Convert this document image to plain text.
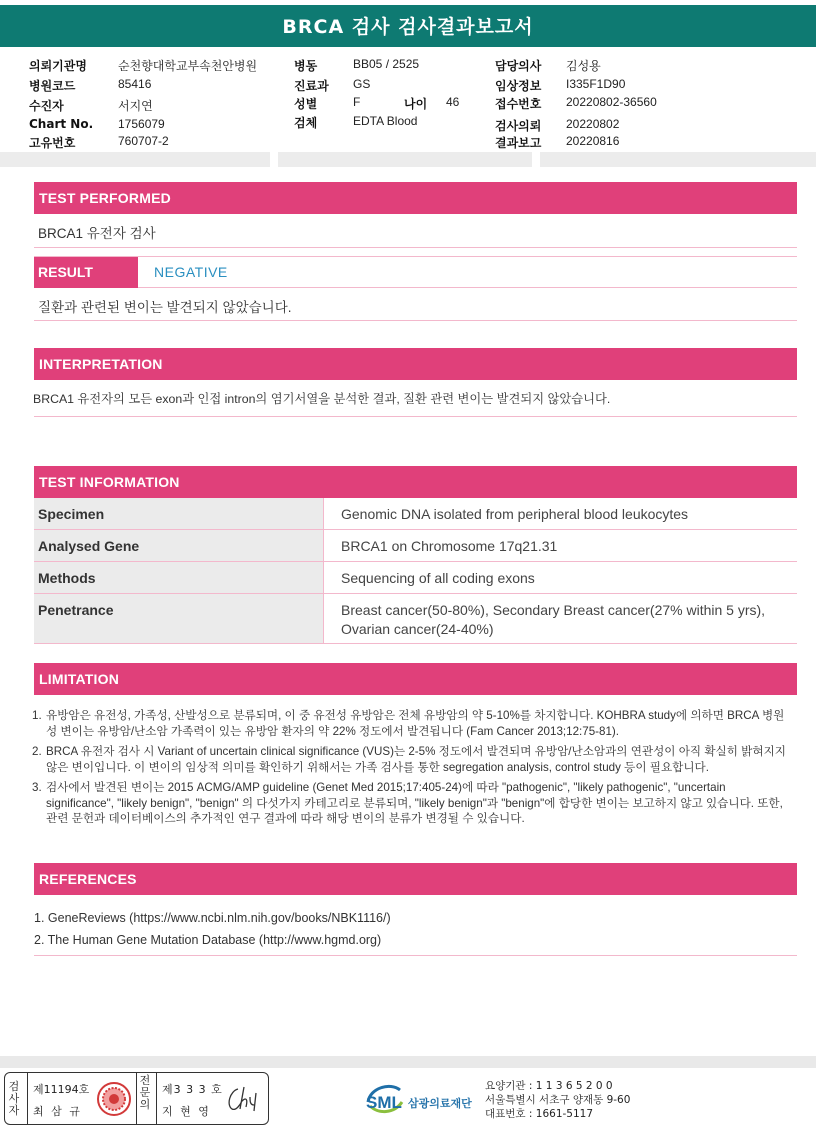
BRCA 검사 검사결과보고서
의뢰기관명	순천향대학교부속천안병원
병원코드	85416
수진자	서지연
Chart No. 1756079
고유번호	760707-2
병동	BB05 / 2525
진료과 GS
성별	F	나이 46
검체	EDTA Blood
담당의사 김성용
임상정보 I335F1D90
접수번호 20220802-36560
검사의뢰 20220802
결과보고 20220816
TEST PERFORMED
BRCA1 유전자 검사
RESULT	NEGATIVE
질환과 관련된 변이는 발견되지 않았습니다.
INTERPRETATION
BRCA1 유전자의 모든 exon과 인접 intron의 염기서열을 분석한 결과, 질환 관련 변이는 발견되지 않았습니다.
TEST INFORMATION
Specimen	Genomic DNA isolated from peripheral blood leukocytes
Analysed Gene	BRCA1 on Chromosome 17q21.31
Methods	Sequencing of all coding exons
Penetrance	Breast cancer(50-80%), Secondary Breast cancer(27% within 5 yrs), Ovarian cancer(24-40%)
LIMITATION
1. 유방암은 유전성, 가족성, 산발성으로 분류되며, 이 중 유전성 유방암은 전체 유방암의 약 5-10%를 차지합니다. KOHBRA study에 의하면 BRCA 병원성 변이는 유방암/난소암 가족력이 있는 유방암 환자의 약 22% 정도에서 발견됩니다 (Fam Cancer 2013;12:75-81).
2. BRCA 유전자 검사 시 Variant of uncertain clinical significance (VUS)는 2-5% 정도에서 발견되며 유방암/난소암과의 연관성이 아직 확실히 밝혀지지 않은 변이입니다. 이 변이의 임상적 의미를 확인하기 위해서는 가족 검사를 통한 segregation analysis, control study 등이 필요합니다.
3. 검사에서 발견된 변이는 2015 ACMG/AMP guideline (Genet Med 2015;17:405-24)에 따라 "pathogenic", "likely pathogenic", "uncertain significance", "likely benign", "benign" 의 다섯가지 카테고리로 분류되며, "likely benign"과 "benign"에 합당한 변이는 보고하지 않고 있습니다. 또한, 관련 문헌과 데이터베이스의 추가적인 연구 결과에 따라 해당 변이의 분류가 변경될 수 있습니다.
REFERENCES
1. GeneReviews (https://www.ncbi.nlm.nih.gov/books/NBK1116/)
2. The Human Gene Mutation Database (http://www.hgmd.org)
검사자
제11194호
최 삼 규
전문의
제3 3 3 호
지 현 영	SML 삼광의료재단
요양기관 : 1 1 3 6 5 2 0 0
서울특별시 서초구 양재동 9-60
대표번호 : 1661-5117
